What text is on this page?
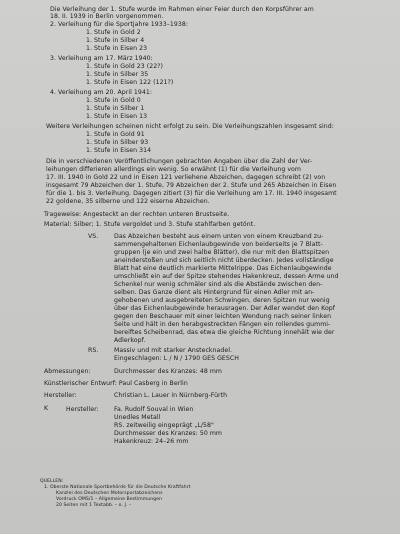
Die Verleihung der 1. Stufe wurde im Rahmen einer Feier durch den Korpsführer am
18. II. 1939 in Berlin vorgenommen.
2. Verleihung für die Sportjahre 1933–1938:
1. Stufe in Gold 2
1. Stufe in Silber 4
1. Stufe in Eisen 23
3. Verleihung am 17. März 1940:
1. Stufe in Gold 23 (22?)
1. Stufe in Silber 35
1. Stufe in Eisen 122 (121?)
4. Verleihung am 20. April 1941:
1. Stufe in Gold 0
1. Stufe in Silber 1
1. Stufe in Eisen 13
Weitere Verleihungen scheinen nicht erfolgt zu sein. Die Verleihungszahlen insgesamt sind:
1. Stufe in Gold 91
1. Stufe in Silber 93
1. Stufe in Eisen 314
Die in verschiedenen Veröffentlichungen gebrachten Angaben über die Zahl der Ver-
leihungen differieren allerdings ein wenig. So erwähnt (1) für die Verleihung vom
17. III. 1940 in Gold 22 und in Eisen 121 verliehene Abzeichen, dagegen schreibt (2) von
insgesamt 79 Abzeichen der 1. Stufe, 79 Abzeichen der 2. Stufe und 265 Abzeichen in Eisen
für die 1. bis 3. Verleihung. Dagegen zitiert (3) für die Verleihung am 17. III. 1940 insgesamt
22 goldene, 35 silberne und 122 eiserne Abzeichen.
Trageweise: Angesteckt an der rechten unteren Brustseite.
Material: Silber; 1. Stufe vergoldet und 3. Stufe stahlfarben getönt.
VS.	Das Abzeichen besteht aus einem unten von einem Kreuzband zu-
sammengehaltenen Eichenlaubgewinde von beiderseits je 7 Blatt-
gruppen (je ein und zwei halbe Blätter), die nur mit den Blattspitzen
aneinderstoßen und sich seitlich nicht überdecken. Jedes vollständige
Blatt hat eine deutlich markierte Mittelrippe. Das Eichenlaubgewinde
umschließt ein auf der Spitze stehendes Hakenkreuz, dessen Arme und
Schenkel nur wenig schmäler sind als die Abstände zwischen den-
selben. Das Ganze dient als Hintergrund für einen Adler mit an-
gehobenen und ausgebreiteten Schwingen, deren Spitzen nur wenig
über das Eichenlaubgewinde herausragen. Der Adler wendet den Kopf
gegen den Beschauer mit einer leichten Wendung nach seiner linken
Seite und hält in den herabgestreckten Fängen ein rollendes gummi-
bereiftes Scheibenrad, das etwa die gleiche Richtung innehält wie der
Adlerkopf.
RS.	Massiv und mit starker Anstecknadel.
Eingeschlagen: L / N / 1790 GES GESCH
Abmessungen:	Durchmesser des Kranzes: 48 mm
Künstlerischer Entwurf: Paul Casberg in Berlin
Hersteller:	Christian L. Lauer in Nürnberg-Fürth
K	Hersteller: Fa. Rudolf Souval in Wien
Unedles Metall
RS. zeitweilig eingeprägt „L/58"
Durchmesser des Kranzes: 50 mm
Hakenkreuz: 24–26 mm
QUELLEN:
1. Oberste Nationale Sportbehörde für die Deutsche Kraftfahrt
Kanzlei des Deutschen Motorsportabzeichens
Vordruck OMS/1 – Allgemeine Bestimmungen
20 Seiten mit 1 Textabb. – o. J. –
